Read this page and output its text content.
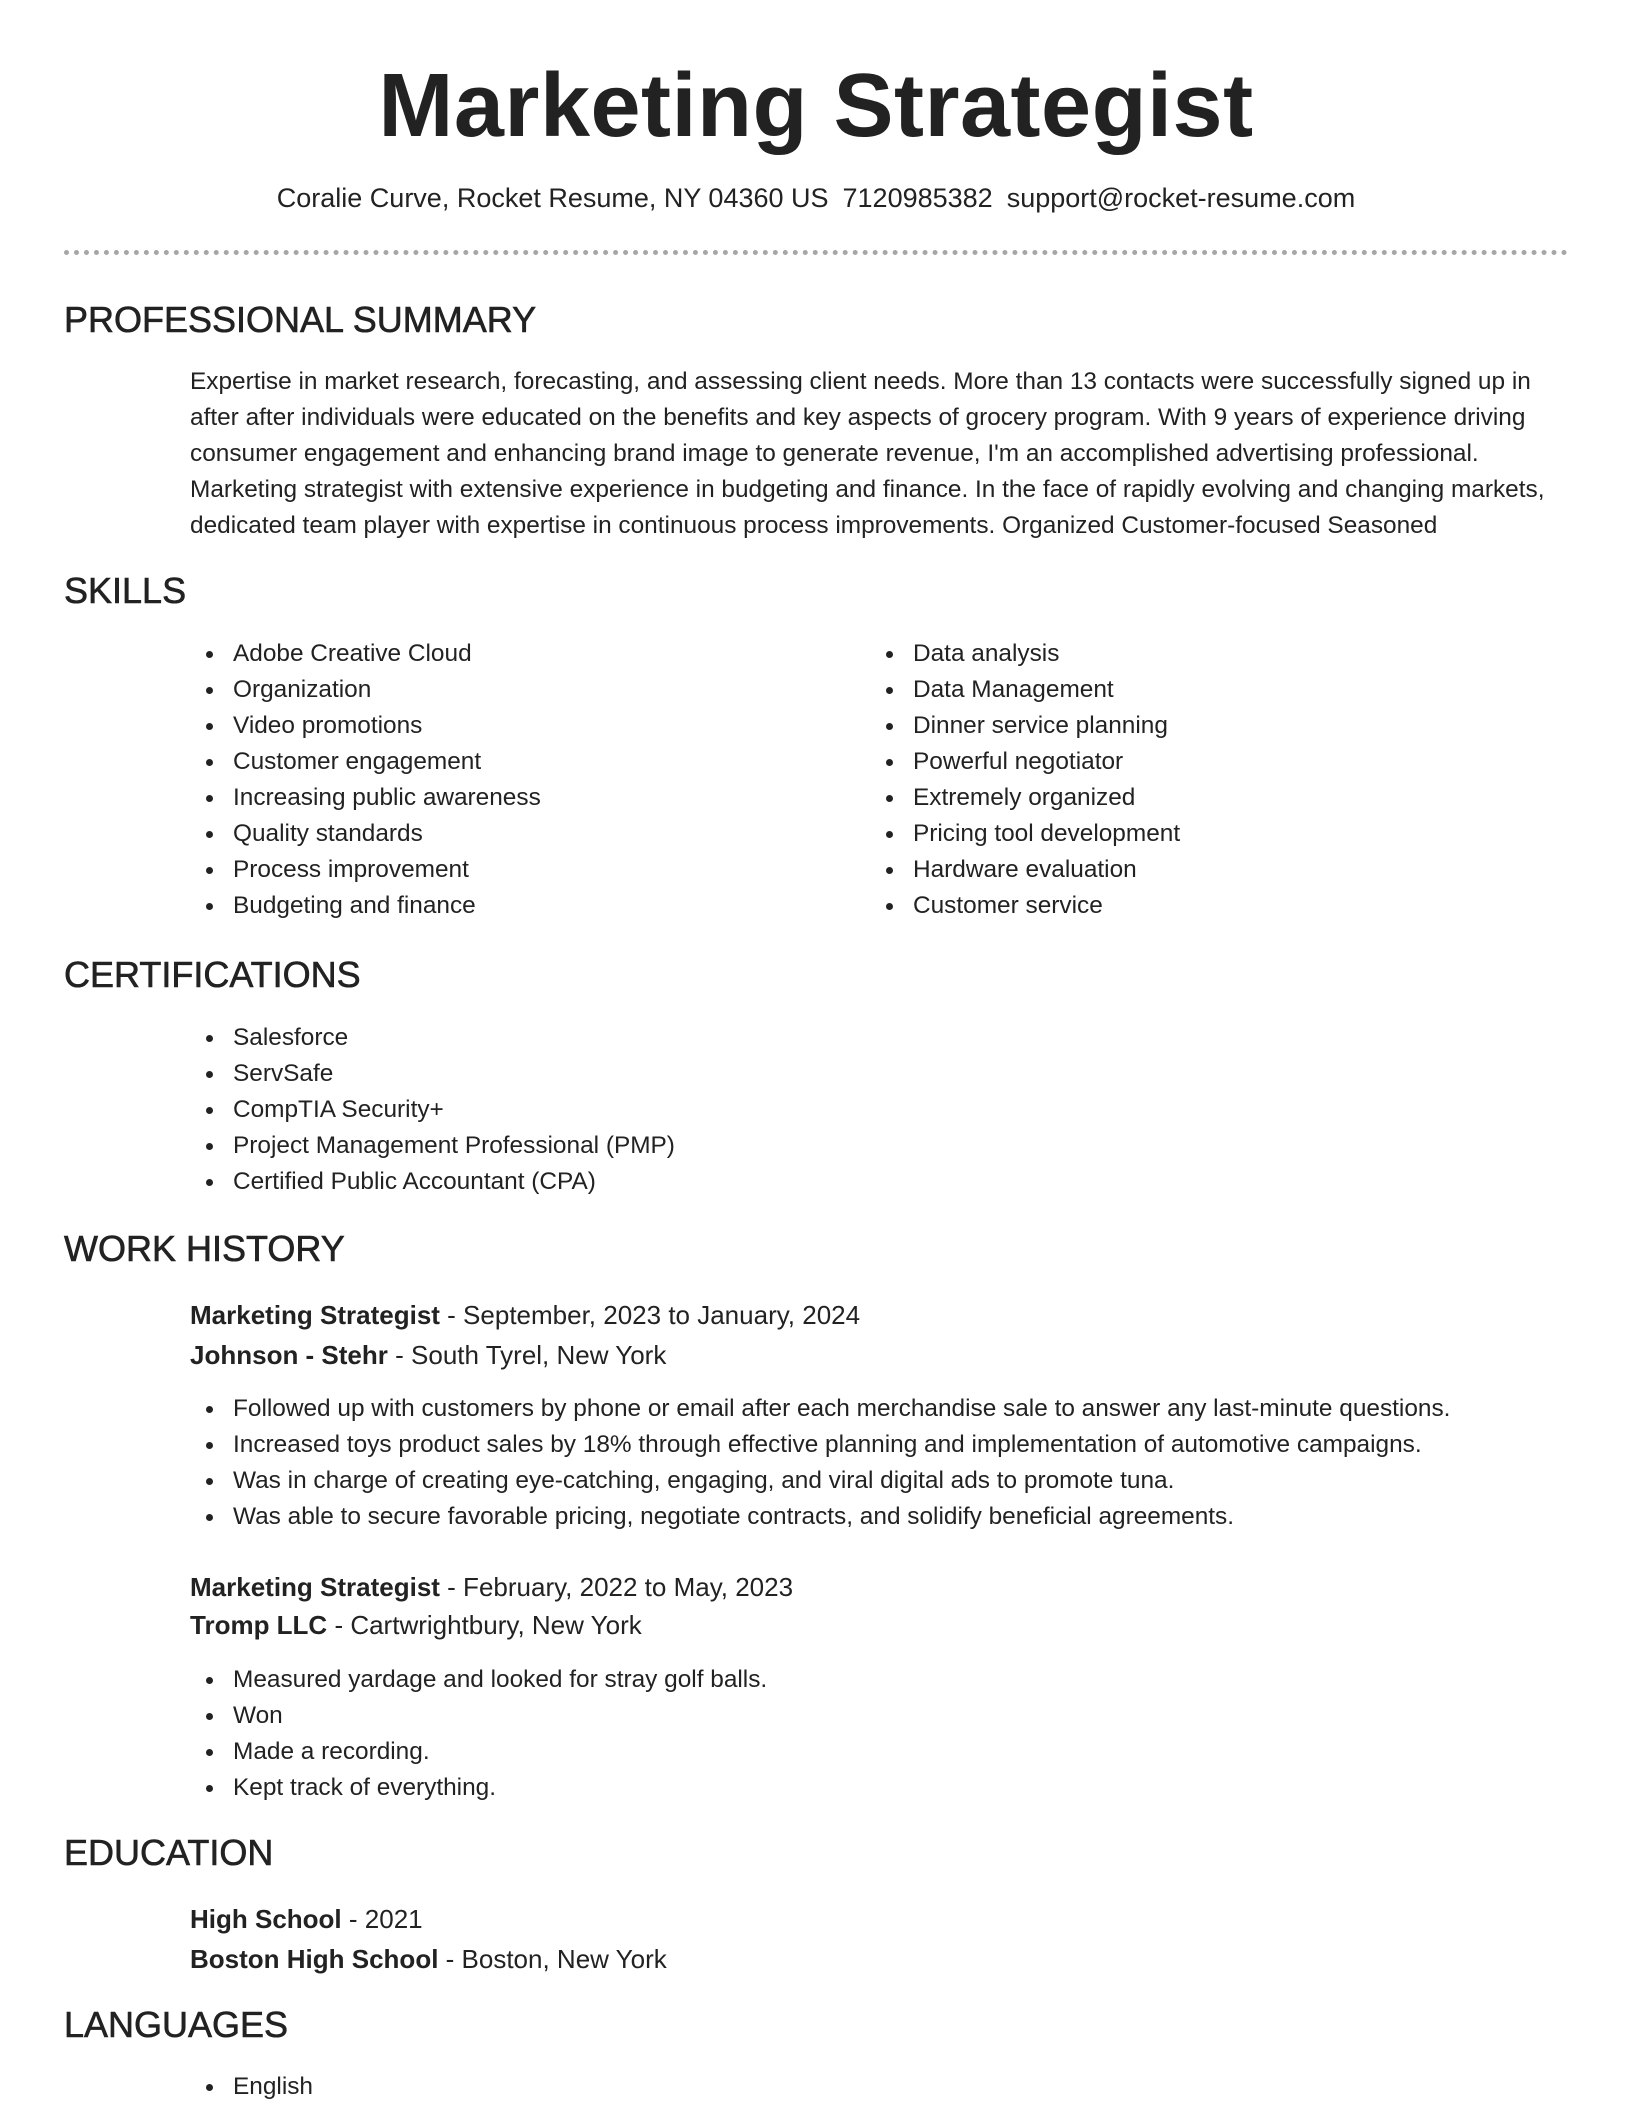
Marketing Strategist
Coralie Curve, Rocket Resume, NY 04360 US 7120985382 support@rocket-resume.com
PROFESSIONAL SUMMARY
Expertise in market research, forecasting, and assessing client needs. More than 13 contacts were successfully signed up in after after individuals were educated on the benefits and key aspects of grocery program. With 9 years of experience driving consumer engagement and enhancing brand image to generate revenue, I'm an accomplished advertising professional. Marketing strategist with extensive experience in budgeting and finance. In the face of rapidly evolving and changing markets, dedicated team player with expertise in continuous process improvements. Organized Customer-focused Seasoned
SKILLS
Adobe Creative Cloud
Organization
Video promotions
Customer engagement
Increasing public awareness
Quality standards
Process improvement
Budgeting and finance
Data analysis
Data Management
Dinner service planning
Powerful negotiator
Extremely organized
Pricing tool development
Hardware evaluation
Customer service
CERTIFICATIONS
Salesforce
ServSafe
CompTIA Security+
Project Management Professional (PMP)
Certified Public Accountant (CPA)
WORK HISTORY
Marketing Strategist - September, 2023 to January, 2024
Johnson - Stehr - South Tyrel, New York
Followed up with customers by phone or email after each merchandise sale to answer any last-minute questions.
Increased toys product sales by 18% through effective planning and implementation of automotive campaigns.
Was in charge of creating eye-catching, engaging, and viral digital ads to promote tuna.
Was able to secure favorable pricing, negotiate contracts, and solidify beneficial agreements.
Marketing Strategist - February, 2022 to May, 2023
Tromp LLC - Cartwrightbury, New York
Measured yardage and looked for stray golf balls.
Won
Made a recording.
Kept track of everything.
EDUCATION
High School - 2021
Boston High School - Boston, New York
LANGUAGES
English
